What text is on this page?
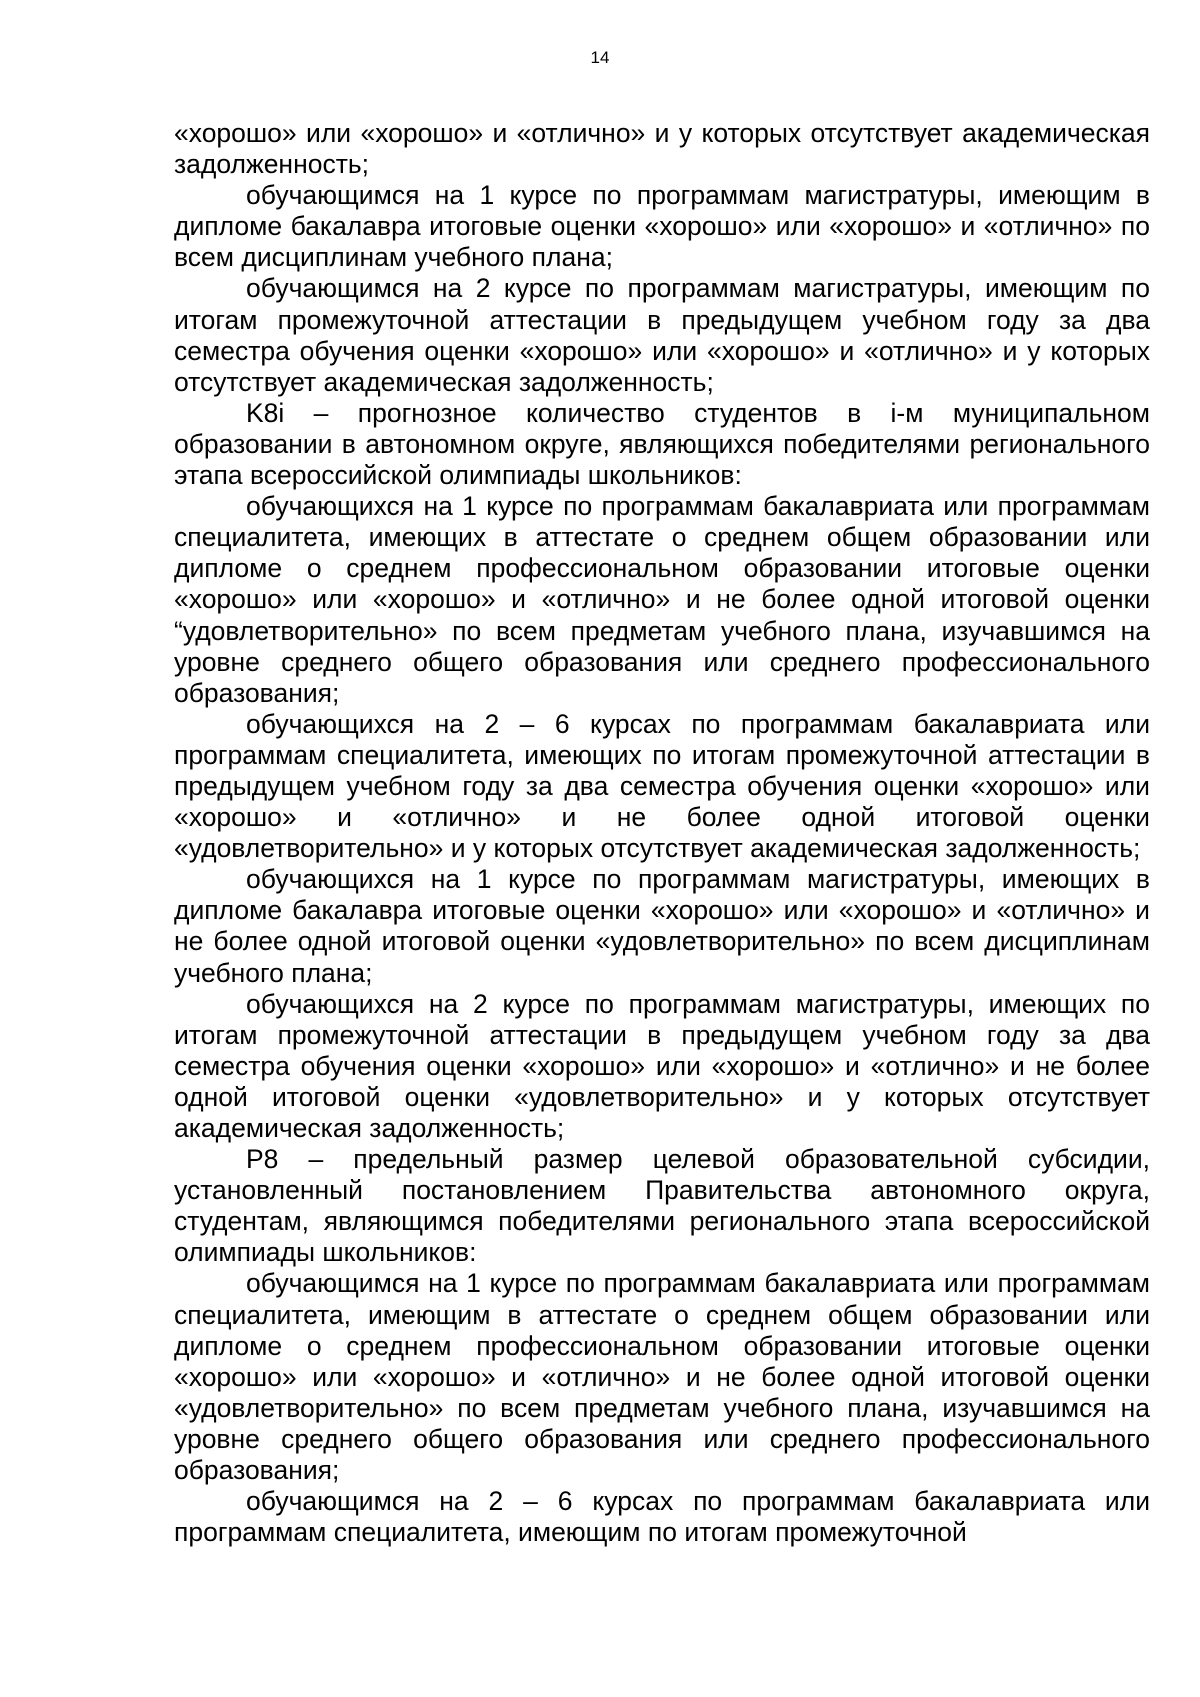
14

«хорошо» или «хорошо» и «отлично» и у которых отсутствует академическая задолженность;

обучающимся на 1 курсе по программам магистратуры, имеющим в дипломе бакалавра итоговые оценки «хорошо» или «хорошо» и «отлично» по всем дисциплинам учебного плана;

обучающимся на 2 курсе по программам магистратуры, имеющим по итогам промежуточной аттестации в предыдущем учебном году за два семестра обучения оценки «хорошо» или «хорошо» и «отлично» и у которых отсутствует академическая задолженность;

K8i – прогнозное количество студентов в i-м муниципальном образовании в автономном округе, являющихся победителями регионального этапа всероссийской олимпиады школьников:

обучающихся на 1 курсе по программам бакалавриата или программам специалитета, имеющих в аттестате о среднем общем образовании или дипломе о среднем профессиональном образовании итоговые оценки «хорошо» или «хорошо» и «отлично» и не более одной итоговой оценки “удовлетворительно» по всем предметам учебного плана, изучавшимся на уровне среднего общего образования или среднего профессионального образования;

обучающихся на 2 – 6 курсах по программам бакалавриата или программам специалитета, имеющих по итогам промежуточной аттестации в предыдущем учебном году за два семестра обучения оценки «хорошо» или «хорошо» и «отлично» и не более одной итоговой оценки «удовлетворительно» и у которых отсутствует академическая задолженность;

обучающихся на 1 курсе по программам магистратуры, имеющих в дипломе бакалавра итоговые оценки «хорошо» или «хорошо» и «отлично» и не более одной итоговой оценки «удовлетворительно» по всем дисциплинам учебного плана;

обучающихся на 2 курсе по программам магистратуры, имеющих по итогам промежуточной аттестации в предыдущем учебном году за два семестра обучения оценки «хорошо» или «хорошо» и «отлично» и не более одной итоговой оценки «удовлетворительно» и у которых отсутствует академическая задолженность;

P8 – предельный размер целевой образовательной субсидии, установленный постановлением Правительства автономного округа, студентам, являющимся победителями регионального этапа всероссийской олимпиады школьников:

обучающимся на 1 курсе по программам бакалавриата или программам специалитета, имеющим в аттестате о среднем общем образовании или дипломе о среднем профессиональном образовании итоговые оценки «хорошо» или «хорошо» и «отлично» и не более одной итоговой оценки «удовлетворительно» по всем предметам учебного плана, изучавшимся на уровне среднего общего образования или среднего профессионального образования;

обучающимся на 2 – 6 курсах по программам бакалавриата или программам специалитета, имеющим по итогам промежуточной
